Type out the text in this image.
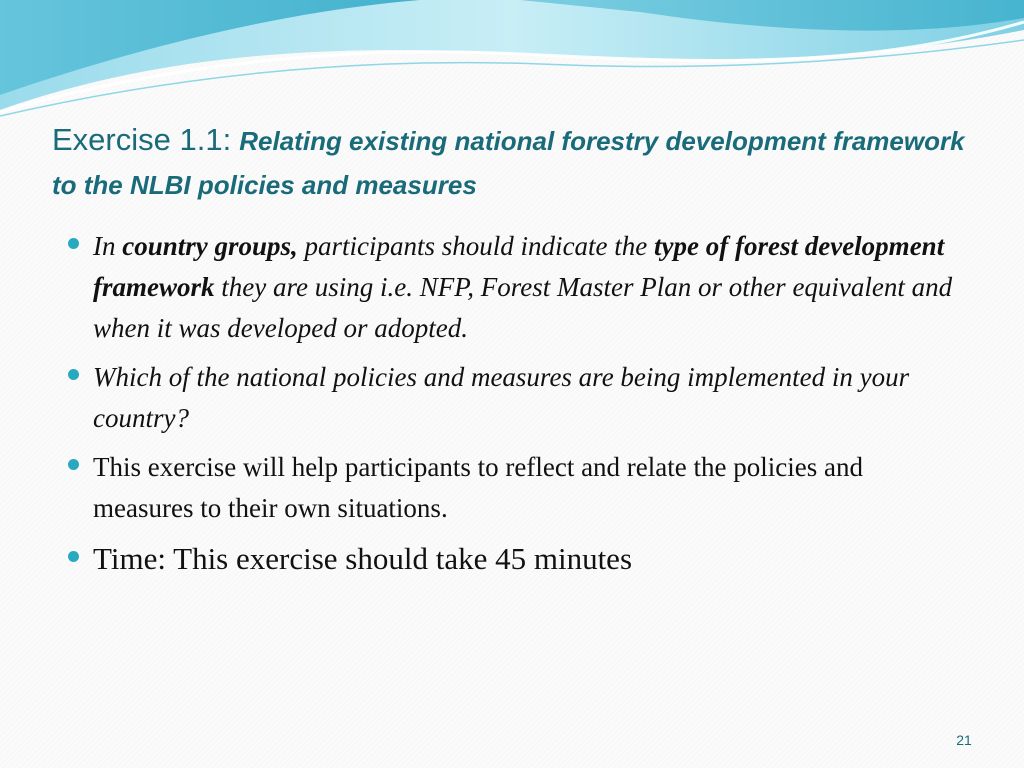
Exercise 1.1: Relating existing national forestry development framework to the NLBI policies and measures
In country groups, participants should indicate the type of forest development framework they are using i.e. NFP, Forest Master Plan or other equivalent and when it was developed or adopted.
Which of the national policies and measures are being implemented in your country?
This exercise will help participants to reflect and relate the policies and measures to their own situations.
Time: This exercise should take 45 minutes
21
